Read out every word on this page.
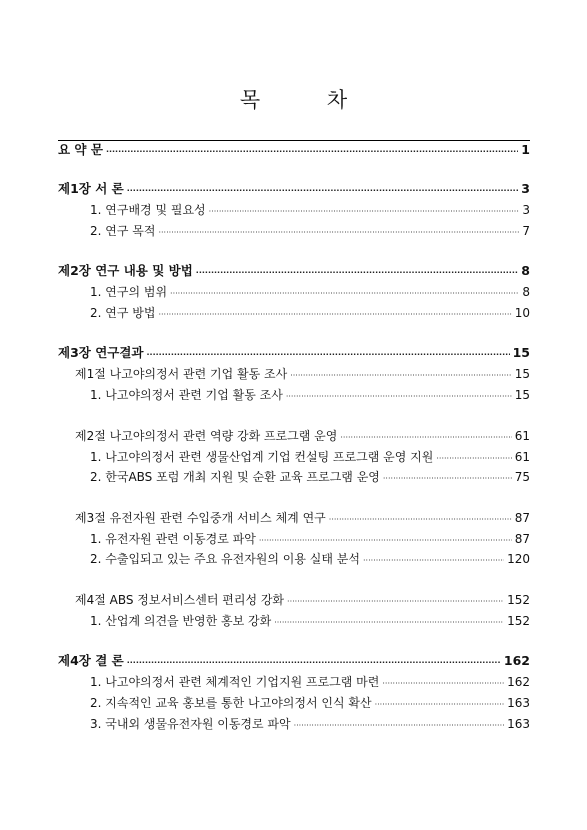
목 차
요 약 문 ·····	1
제1장 서 론 ·····	3
1. 연구배경 및 필요성 ·····	3
2. 연구 목적 ·····	7
제2장 연구 내용 및 방법 ·····	8
1. 연구의 범위 ·····	8
2. 연구 방법 ·····	10
제3장 연구결과 ·····	15
제1절 나고야의정서 관련 기업 활동 조사 ·····	15
1. 나고야의정서 관련 기업 활동 조사 ·····	15
제2절 나고야의정서 관련 역량 강화 프로그램 운영 ·····	61
1. 나고야의정서 관련 생물산업계 기업 컨설팅 프로그램 운영 지원 ·····	61
2. 한국ABS 포럼 개최 지원 및 순환 교육 프로그램 운영 ·····	75
제3절 유전자원 관련 수입중개 서비스 체계 연구 ·····	87
1. 유전자원 관련 이동경로 파악 ·····	87
2. 수출입되고 있는 주요 유전자원의 이용 실태 분석 ·····	120
제4절 ABS 정보서비스센터 편리성 강화 ·····	152
1. 산업계 의견을 반영한 홍보 강화 ·····	152
제4장 결 론 ·····	162
1. 나고야의정서 관련 체계적인 기업지원 프로그램 마련 ·····	162
2. 지속적인 교육 홍보를 통한 나고야의정서 인식 확산 ·····	163
3. 국내외 생물유전자원 이동경로 파악 ·····	163
